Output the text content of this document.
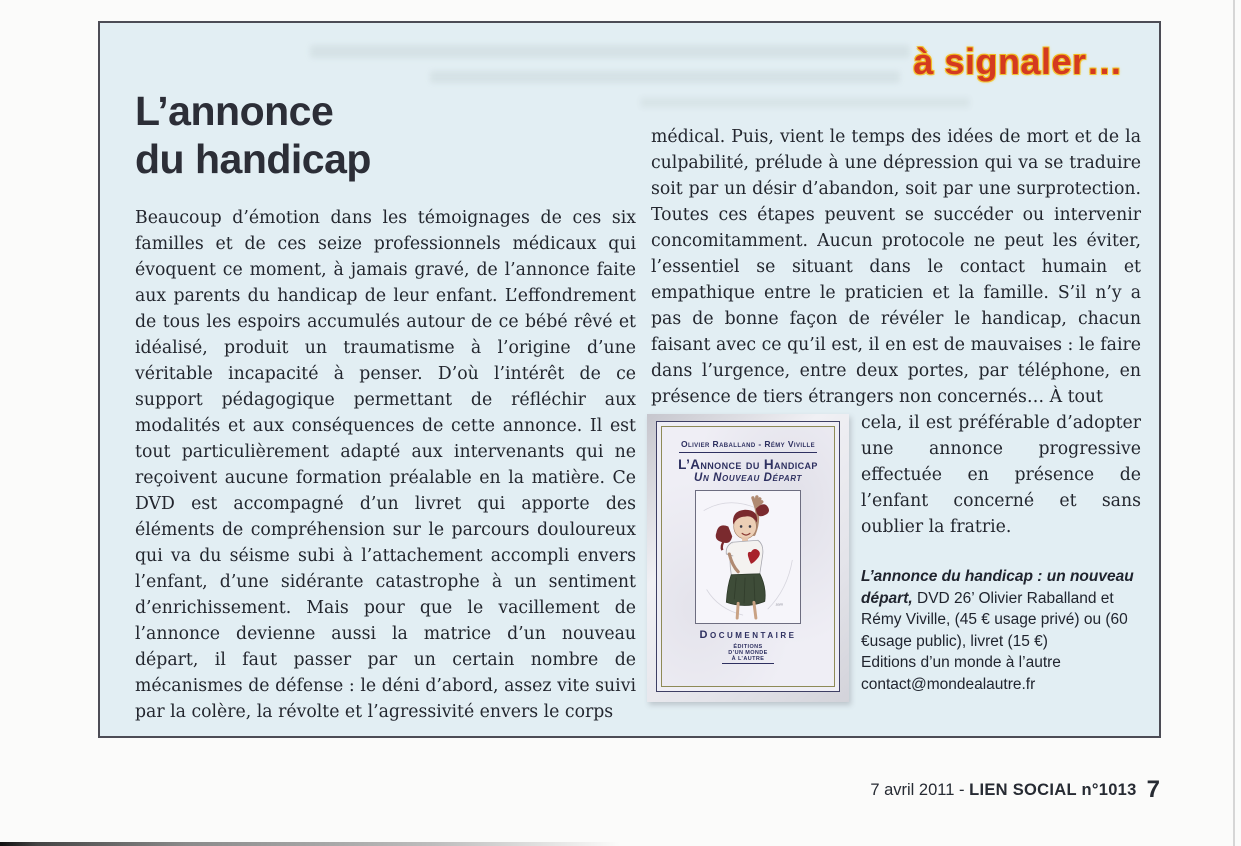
à signaler…
L’annonce
du handicap

Beaucoup d’émotion dans les témoignages de ces six familles et de ces seize professionnels médicaux qui évoquent ce moment, à jamais gravé, de l’annonce faite aux parents du handicap de leur enfant. L’effondrement de tous les espoirs accumulés autour de ce bébé rêvé et idéalisé, produit un traumatisme à l’origine d’une véritable incapacité à penser. D’où l’intérêt de ce support pédagogique permettant de réfléchir aux modalités et aux conséquences de cette annonce. Il est tout particulièrement adapté aux intervenants qui ne reçoivent aucune formation préalable en la matière. Ce DVD est accompagné d’un livret qui apporte des éléments de compréhension sur le parcours douloureux qui va du séisme subi à l’attachement accompli envers l’enfant, d’une sidérante catastrophe à un sentiment d’enrichissement. Mais pour que le vacillement de l’annonce devienne aussi la matrice d’un nouveau départ, il faut passer par un certain nombre de mécanismes de défense : le déni d’abord, assez vite suivi par la colère, la révolte et l’agressivité envers le corps

médical. Puis, vient le temps des idées de mort et de la culpabilité, prélude à une dépression qui va se traduire soit par un désir d’abandon, soit par une surprotection. Toutes ces étapes peuvent se succéder ou intervenir concomitamment. Aucun protocole ne peut les éviter, l’essentiel se situant dans le contact humain et empathique entre le praticien et la famille. S’il n’y a pas de bonne façon de révéler le handicap, chacun faisant avec ce qu’il est, il en est de mauvaises : le faire dans l’urgence, entre deux portes, par téléphone, en présence de tiers étrangers non concernés… À tout

Olivier Raballand - Rémy Viville
L’Annonce du Handicap
Un Nouveau Départ
sam
Documentaire
ÉDITIONS
D’UN MONDE
À L’AUTRE

cela, il est préférable d’adopter une annonce progressive effectuée en présence de l’enfant concerné et sans oublier la fratrie.

L’annonce du handicap : un nouveau départ, DVD 26’ Olivier Raballand et Rémy Viville, (45 € usage privé) ou (60 €usage public), livret (15 €)
Editions d’un monde à l’autre
contact@mondealautre.fr
7 avril 2011 - LIEN SOCIAL n°1013 7
